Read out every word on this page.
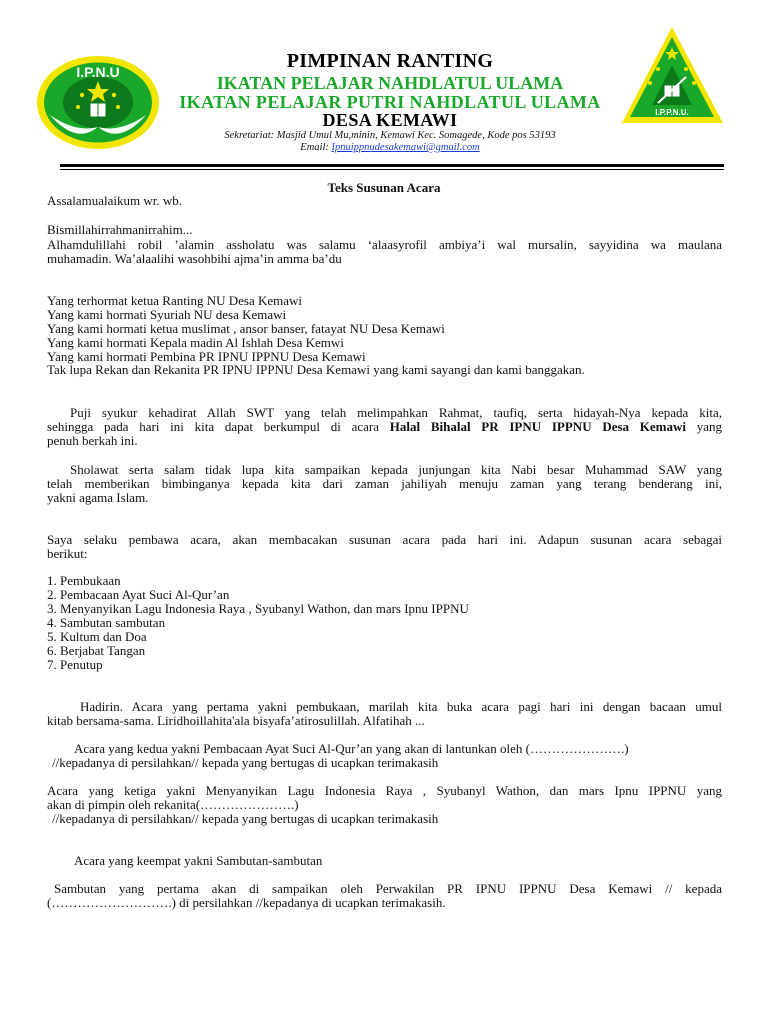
I.P.N.U
I.P.P.N.U.

PIMPINAN RANTING

IKATAN PELAJAR NAHDLATUL ULAMA

IKATAN PELAJAR PUTRI NAHDLATUL ULAMA

DESA KEMAWI

Sekretariat: Masjid Umul Mu,minin, Kemawi Kec. Somagede, Kode pos 53193

Email: Ipnuippnudesakemawi@gmail.com

Teks Susunan Acara

Assalamualaikum wr. wb.

Bismillahirrahmanirrahim...

Alhamdulillahi robil ’alamin assholatu was salamu ‘alaasyrofil ambiya’i wal mursalin, sayyidina wa maulana

muhamadin. Wa’alaalihi wasohbihi ajma’in amma ba’du

Yang terhormat ketua Ranting NU Desa Kemawi

Yang kami hormati Syuriah NU desa Kemawi

Yang kami hormati ketua muslimat , ansor banser, fatayat NU Desa Kemawi

Yang kami hormati Kepala madin Al Ishlah Desa Kemwi

Yang kami hormati Pembina PR IPNU IPPNU Desa Kemawi

Tak lupa Rekan dan Rekanita PR IPNU IPPNU Desa Kemawi yang kami sayangi dan kami banggakan.

Puji syukur kehadirat Allah SWT yang telah melimpahkan Rahmat, taufiq, serta hidayah-Nya kepada kita,

sehingga pada hari ini kita dapat berkumpul di acara Halal Bihalal PR IPNU IPPNU Desa Kemawi yang

penuh berkah ini.

Sholawat serta salam tidak lupa kita sampaikan kepada junjungan kita Nabi besar Muhammad SAW yang

telah memberikan bimbinganya kepada kita dari zaman jahiliyah menuju zaman yang terang benderang ini,

yakni agama Islam.

Saya selaku pembawa acara, akan membacakan susunan acara pada hari ini. Adapun susunan acara sebagai

berikut:

1. Pembukaan

2. Pembacaan Ayat Suci Al-Qur’an

3. Menyanyikan Lagu Indonesia Raya , Syubanyl Wathon, dan mars Ipnu IPPNU

4. Sambutan sambutan

5. Kultum dan Doa

6. Berjabat Tangan

7. Penutup

Hadirin. Acara yang pertama yakni pembukaan, marilah kita buka acara pagi hari ini dengan bacaan umul

kitab bersama-sama. Liridhoillahita'ala bisyafa’atirosulillah. Alfatihah ...

Acara yang kedua yakni Pembacaan Ayat Suci Al-Qur’an yang akan di lantunkan oleh (………………….)

//kepadanya di persilahkan// kepada yang bertugas di ucapkan terimakasih

Acara yang ketiga yakni Menyanyikan Lagu Indonesia Raya , Syubanyl Wathon, dan mars Ipnu IPPNU yang

akan di pimpin oleh rekanita(………………….)

//kepadanya di persilahkan// kepada yang bertugas di ucapkan terimakasih

Acara yang keempat yakni Sambutan-sambutan

Sambutan yang pertama akan di sampaikan oleh Perwakilan PR IPNU IPPNU Desa Kemawi // kepada

(……………………….) di persilahkan //kepadanya di ucapkan terimakasih.
